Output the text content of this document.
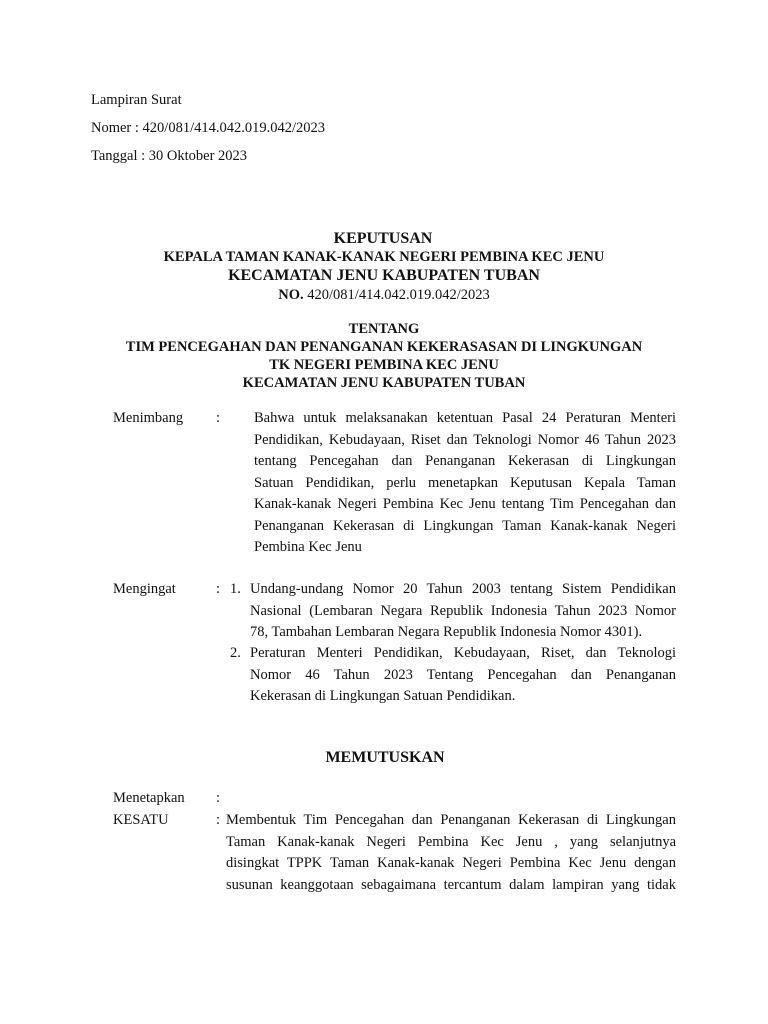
Lampiran Surat
Nomer : 420/081/414.042.019.042/2023
Tanggal : 30 Oktober 2023
KEPUTUSAN
KEPALA TAMAN KANAK-KANAK NEGERI PEMBINA KEC JENU
KECAMATAN JENU KABUPATEN TUBAN
NO. 420/081/414.042.019.042/2023
TENTANG
TIM PENCEGAHAN DAN PENANGANAN KEKERASASAN DI LINGKUNGAN
TK NEGERI PEMBINA KEC JENU
KECAMATAN JENU KABUPATEN TUBAN
Menimbang : Bahwa untuk melaksanakan ketentuan Pasal 24 Peraturan Menteri
Pendidikan, Kebudayaan, Riset dan Teknologi Nomor 46 Tahun 2023
tentang Pencegahan dan Penanganan Kekerasan di Lingkungan
Satuan Pendidikan, perlu menetapkan Keputusan Kepala Taman
Kanak-kanak Negeri Pembina Kec Jenu tentang Tim Pencegahan dan
Penanganan Kekerasan di Lingkungan Taman Kanak-kanak Negeri
Pembina Kec Jenu
Mengingat	: 1. Undang-undang Nomor 20 Tahun 2003 tentang Sistem Pendidikan
Nasional (Lembaran Negara Republik Indonesia Tahun 2023 Nomor
78, Tambahan Lembaran Negara Republik Indonesia Nomor 4301).
2. Peraturan Menteri Pendidikan, Kebudayaan, Riset, dan Teknologi
Nomor 46 Tahun 2023 Tentang Pencegahan dan Penanganan
Kekerasan di Lingkungan Satuan Pendidikan.
MEMUTUSKAN
Menetapkan :
KESATU	: Membentuk Tim Pencegahan dan Penanganan Kekerasan di Lingkungan
Taman Kanak-kanak Negeri Pembina Kec Jenu , yang selanjutnya
disingkat TPPK Taman Kanak-kanak Negeri Pembina Kec Jenu dengan
susunan keanggotaan sebagaimana tercantum dalam lampiran yang tidak
